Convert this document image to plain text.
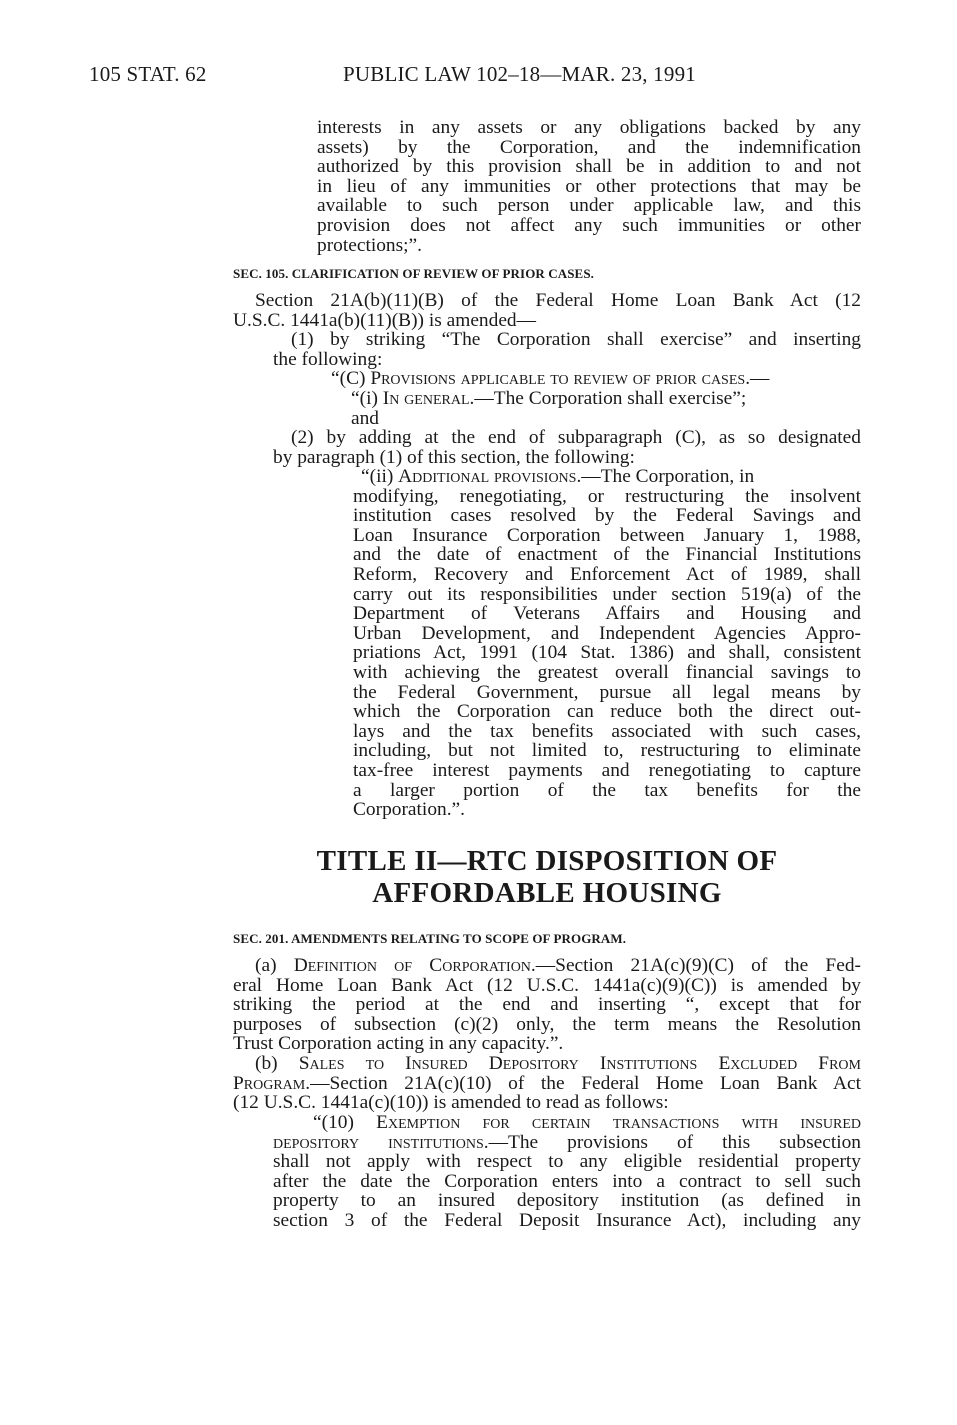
105 STAT. 62	PUBLIC LAW 102–18—MAR. 23, 1991
interests in any assets or any obligations backed by any
assets) by the Corporation, and the indemnification
authorized by this provision shall be in addition to and not
in lieu of any immunities or other protections that may be
available to such person under applicable law, and this
provision does not affect any such immunities or other
protections;”.
SEC. 105. CLARIFICATION OF REVIEW OF PRIOR CASES.
Section 21A(b)(11)(B) of the Federal Home Loan Bank Act (12
U.S.C. 1441a(b)(11)(B)) is amended—
(1) by striking “The Corporation shall exercise” and inserting
the following:
“(C) Provisions applicable to review of prior cases.—
“(i) In general.—The Corporation shall exercise”;
and
(2) by adding at the end of subparagraph (C), as so designated
by paragraph (1) of this section, the following:
“(ii) Additional provisions.—The Corporation, in
modifying, renegotiating, or restructuring the insolvent
institution cases resolved by the Federal Savings and
Loan Insurance Corporation between January 1, 1988,
and the date of enactment of the Financial Institutions
Reform, Recovery and Enforcement Act of 1989, shall
carry out its responsibilities under section 519(a) of the
Department of Veterans Affairs and Housing and
Urban Development, and Independent Agencies Appro-
priations Act, 1991 (104 Stat. 1386) and shall, consistent
with achieving the greatest overall financial savings to
the Federal Government, pursue all legal means by
which the Corporation can reduce both the direct out-
lays and the tax benefits associated with such cases,
including, but not limited to, restructuring to eliminate
tax-free interest payments and renegotiating to capture
a larger portion of the tax benefits for the
Corporation.”.
TITLE II—RTC DISPOSITION OF
AFFORDABLE HOUSING
SEC. 201. AMENDMENTS RELATING TO SCOPE OF PROGRAM.
(a) Definition of Corporation.—Section 21A(c)(9)(C) of the Fed-
eral Home Loan Bank Act (12 U.S.C. 1441a(c)(9)(C)) is amended by
striking the period at the end and inserting “, except that for
purposes of subsection (c)(2) only, the term means the Resolution
Trust Corporation acting in any capacity.”.
(b) Sales to Insured Depository Institutions Excluded From
Program.—Section 21A(c)(10) of the Federal Home Loan Bank Act
(12 U.S.C. 1441a(c)(10)) is amended to read as follows:
“(10) Exemption for certain transactions with insured
depository institutions.—The provisions of this subsection
shall not apply with respect to any eligible residential property
after the date the Corporation enters into a contract to sell such
property to an insured depository institution (as defined in
section 3 of the Federal Deposit Insurance Act), including any
